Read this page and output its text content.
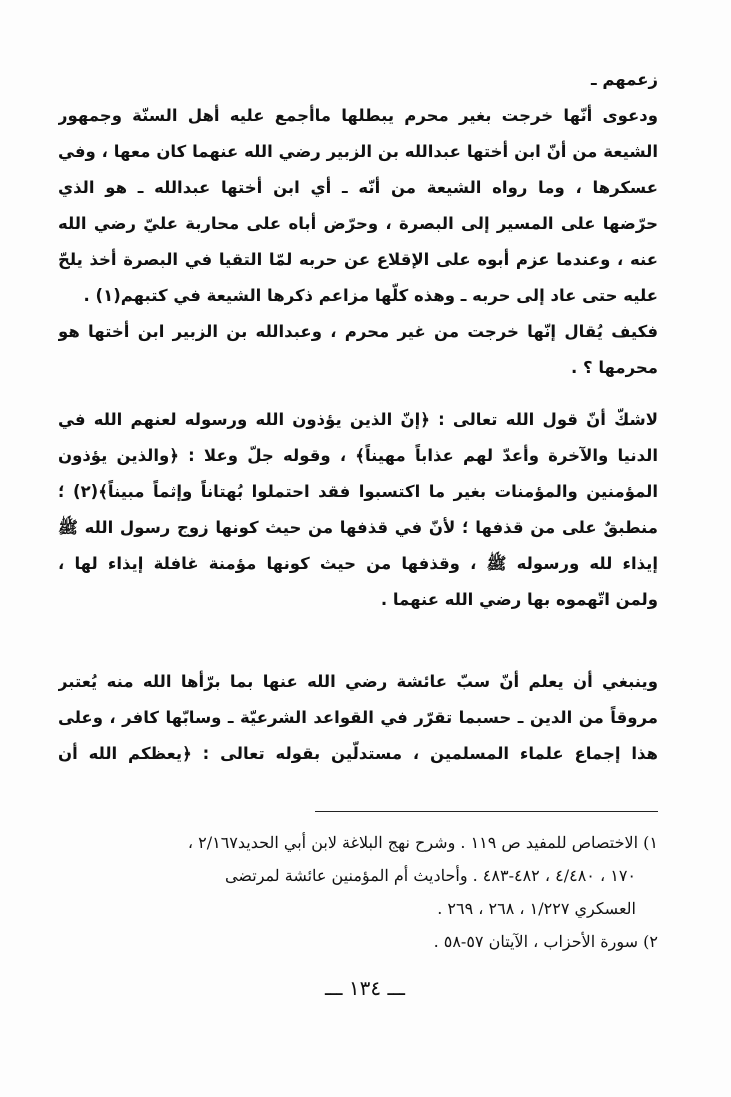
زعمهم ـ
ودعوى أنّها خرجت بغير محرم يبطلها ماأجمع عليه أهل السنّة وجمهور
الشيعة من أنّ ابن أختها عبدالله بن الزبير رضي الله عنهما كان معها ، وفي
عسكرها ، وما رواه الشيعة من أنّه ـ أي ابن أختها عبدالله ـ هو الذي
حرّضها على المسير إلى البصرة ، وحرّض أباه على محاربة عليّ رضي الله
عنه ، وعندما عزم أبوه على الإقلاع عن حربه لمّا التقيا في البصرة أخذ يلحّ
عليه حتى عاد إلى حربه ـ وهذه كلّها مزاعم ذكرها الشيعة في كتبهم(١) .
فكيف يُقال إنّها خرجت من غير محرم ، وعبدالله بن الزبير ابن أختها هو
محرمها ؟ .
لاشكّ أنّ قول الله تعالى : ﴿إنّ الذين يؤذون الله ورسوله لعنهم الله في
الدنيا والآخرة وأعدّ لهم عذاباً مهيناً﴾ ، وقوله جلّ وعلا : ﴿والذين يؤذون
المؤمنين والمؤمنات بغير ما اكتسبوا فقد احتملوا بُهتاناً وإثماً مبيناً﴾(٢) ؛
منطبقٌ على من قذفها ؛ لأنّ في قذفها من حيث كونها زوج رسول الله ﷺ
إيذاء لله ورسوله ﷺ ، وقذفها من حيث كونها مؤمنة غافلة إيذاء لها ،
ولمن اتّهموه بها رضي الله عنهما .
وينبغي أن يعلم أنّ سبّ عائشة رضي الله عنها بما برّأها الله منه يُعتبر
مروقاً من الدين ـ حسبما تقرّر في القواعد الشرعيّة ـ وسابّها كافر ، وعلى
هذا إجماع علماء المسلمين ، مستدلّين بقوله تعالى : ﴿يعظكم الله أن
١) الاختصاص للمفيد ص ١١٩ . وشرح نهج البلاغة لابن أبي الحديد٢/١٦٧ ،
١٧٠ ، ٤/٤٨٠ ، ٤٨٢-٤٨٣ . وأحاديث أم المؤمنين عائشة لمرتضى
العسكري ١/٢٢٧ ، ٢٦٨ ، ٢٦٩ .
٢) سورة الأحزاب ، الآيتان ٥٧-٥٨ .
ـــ ١٣٤ ـــ
